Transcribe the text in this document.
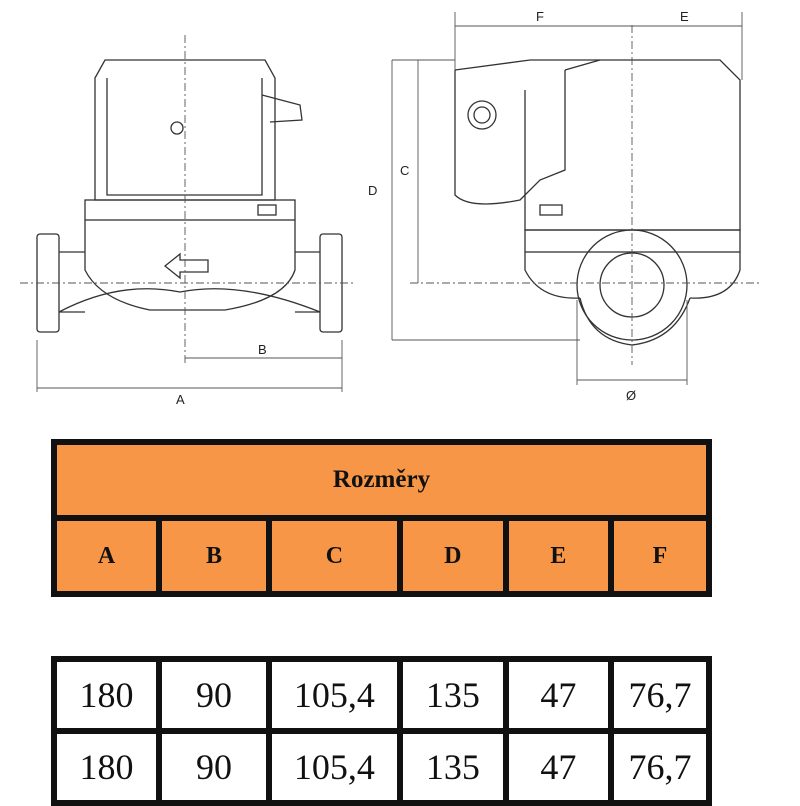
A
B
C
D
E
F
Ø
Rozměry
A	B	C	D	E	F
180	90	105,4	135	47	76,7
180	90	105,4	135	47	76,7
